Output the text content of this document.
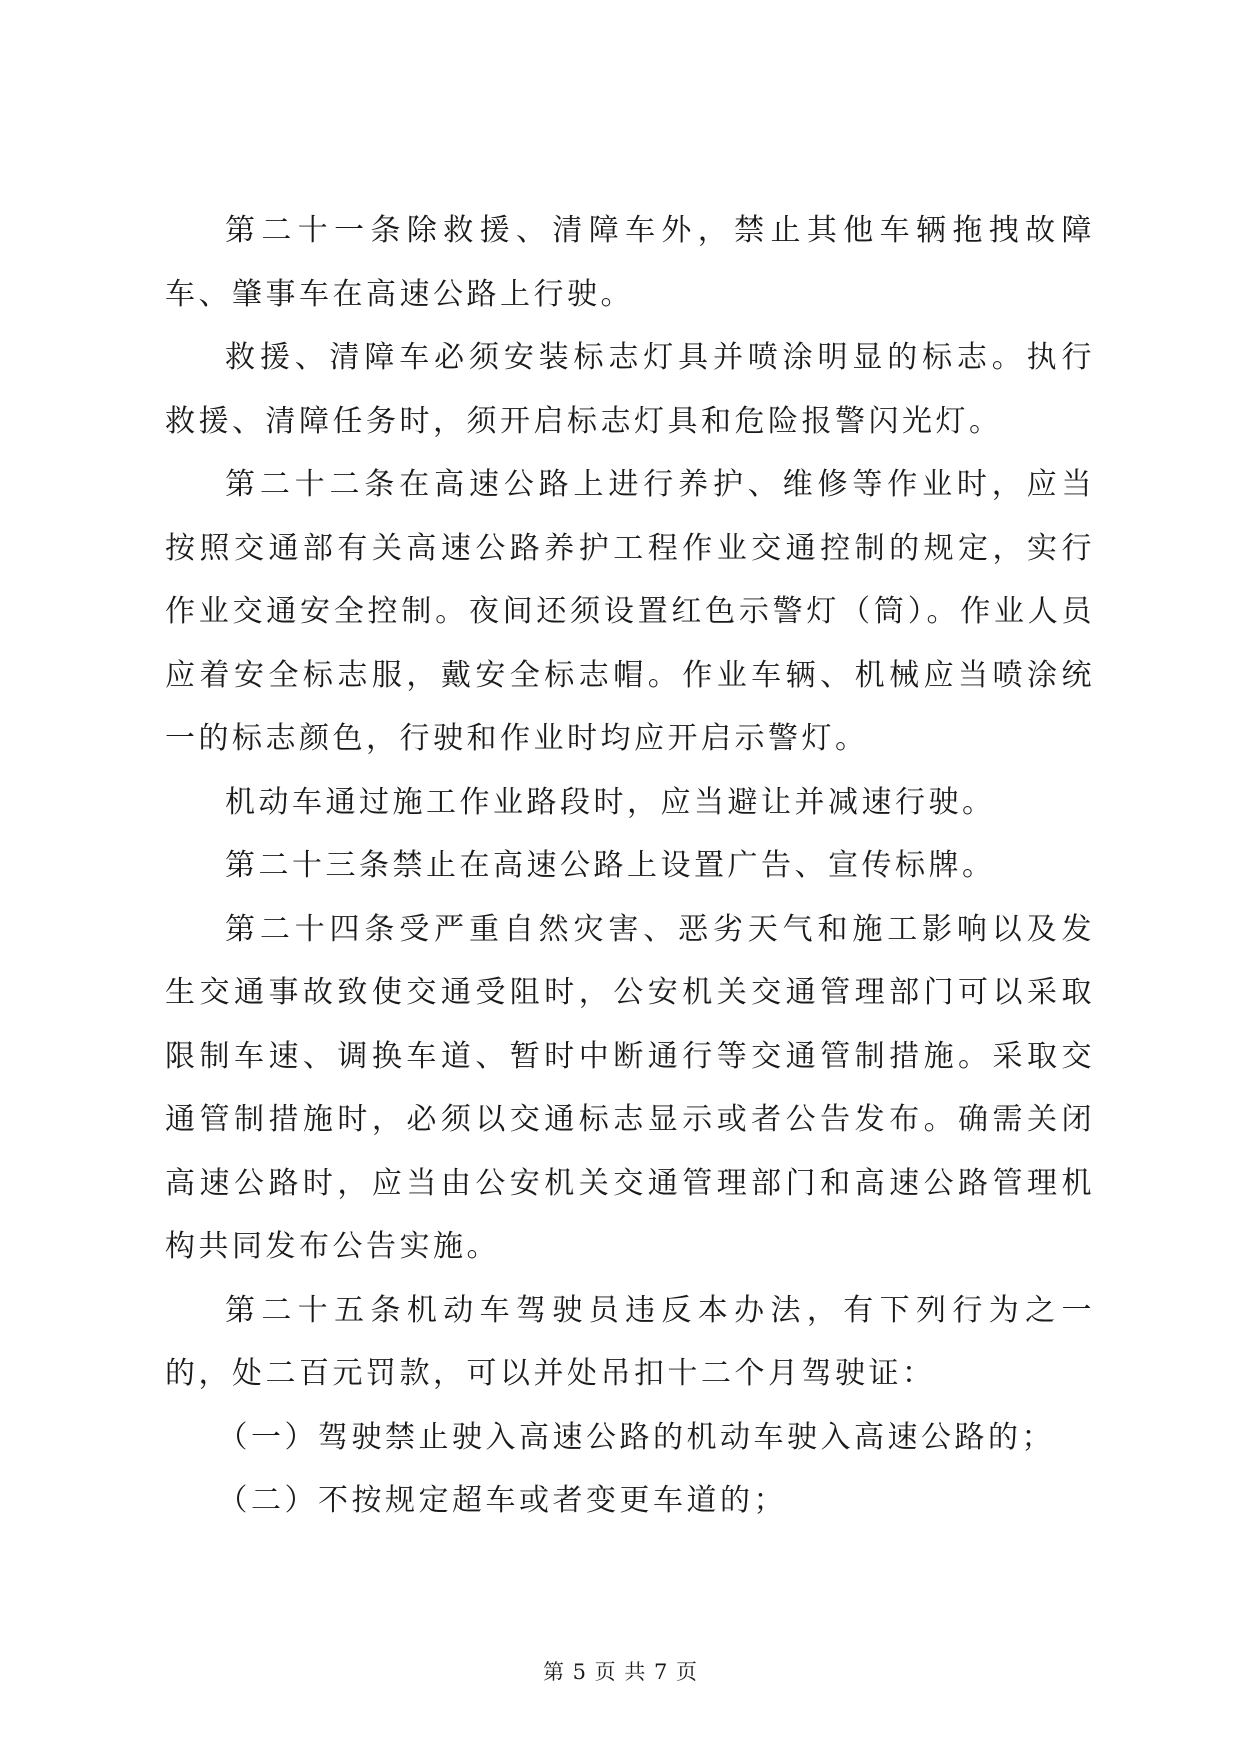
第二十一条除救援、清障车外，禁止其他车辆拖拽故障车、肇事车在高速公路上行驶。

救援、清障车必须安装标志灯具并喷涂明显的标志。执行救援、清障任务时，须开启标志灯具和危险报警闪光灯。

第二十二条在高速公路上进行养护、维修等作业时，应当按照交通部有关高速公路养护工程作业交通控制的规定，实行作业交通安全控制。夜间还须设置红色示警灯（筒）。作业人员应着安全标志服，戴安全标志帽。作业车辆、机械应当喷涂统一的标志颜色，行驶和作业时均应开启示警灯。

机动车通过施工作业路段时，应当避让并减速行驶。

第二十三条禁止在高速公路上设置广告、宣传标牌。

第二十四条受严重自然灾害、恶劣天气和施工影响以及发生交通事故致使交通受阻时，公安机关交通管理部门可以采取限制车速、调换车道、暂时中断通行等交通管制措施。采取交通管制措施时，必须以交通标志显示或者公告发布。确需关闭高速公路时，应当由公安机关交通管理部门和高速公路管理机构共同发布公告实施。

第二十五条机动车驾驶员违反本办法，有下列行为之一的，处二百元罚款，可以并处吊扣十二个月驾驶证：

（一）驾驶禁止驶入高速公路的机动车驶入高速公路的；

（二）不按规定超车或者变更车道的；

第 5 页 共 7 页
